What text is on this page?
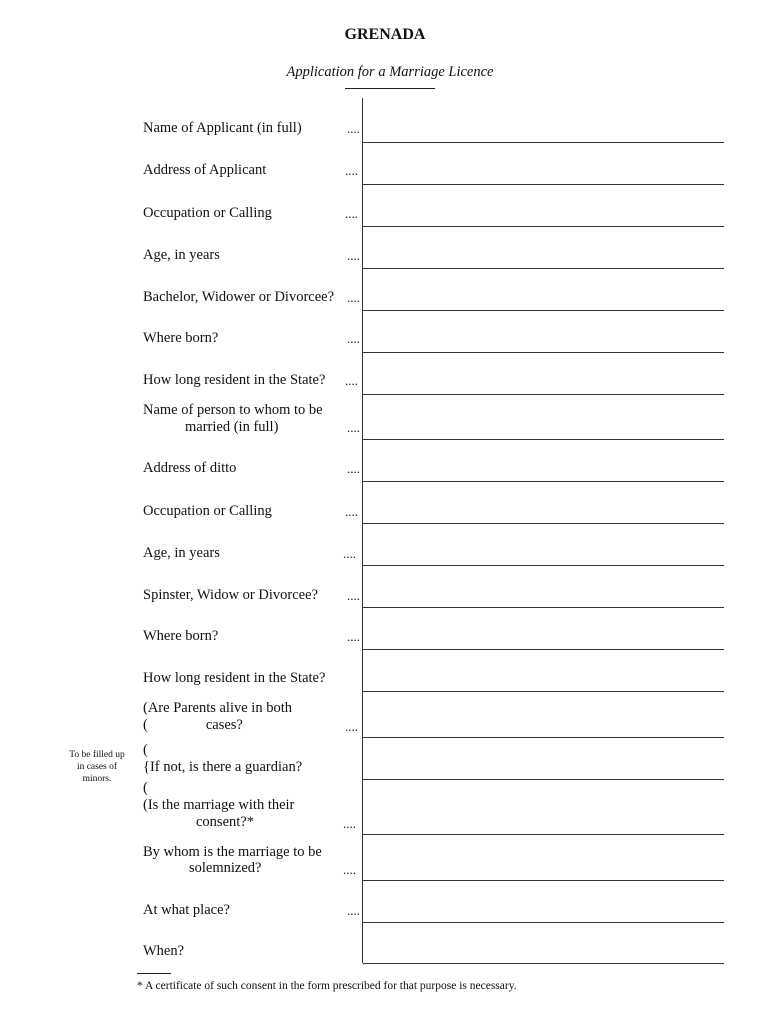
GRENADA
Application for a Marriage Licence
Name of Applicant (in full)	....
Address of Applicant	....
Occupation or Calling	....
Age, in years	....
Bachelor, Widower or Divorcee? ....
Where born?	....
How long resident in the State? ....
Name of person to whom to be
married (in full)	....
Address of ditto	....
Occupation or Calling	....
Age, in years	....
Spinster, Widow or Divorcee? ....
Where born?	....
How long resident in the State?
(Are Parents alive in both
(                cases?	....
(
{If not, is there a guardian?
(
(Is the marriage with their
consent?*	....
By whom is the marriage to be
solemnized?	....
At what place?	....
When?
To be filled up
in cases of
minors.
* A certificate of such consent in the form prescribed for that purpose is necessary.
